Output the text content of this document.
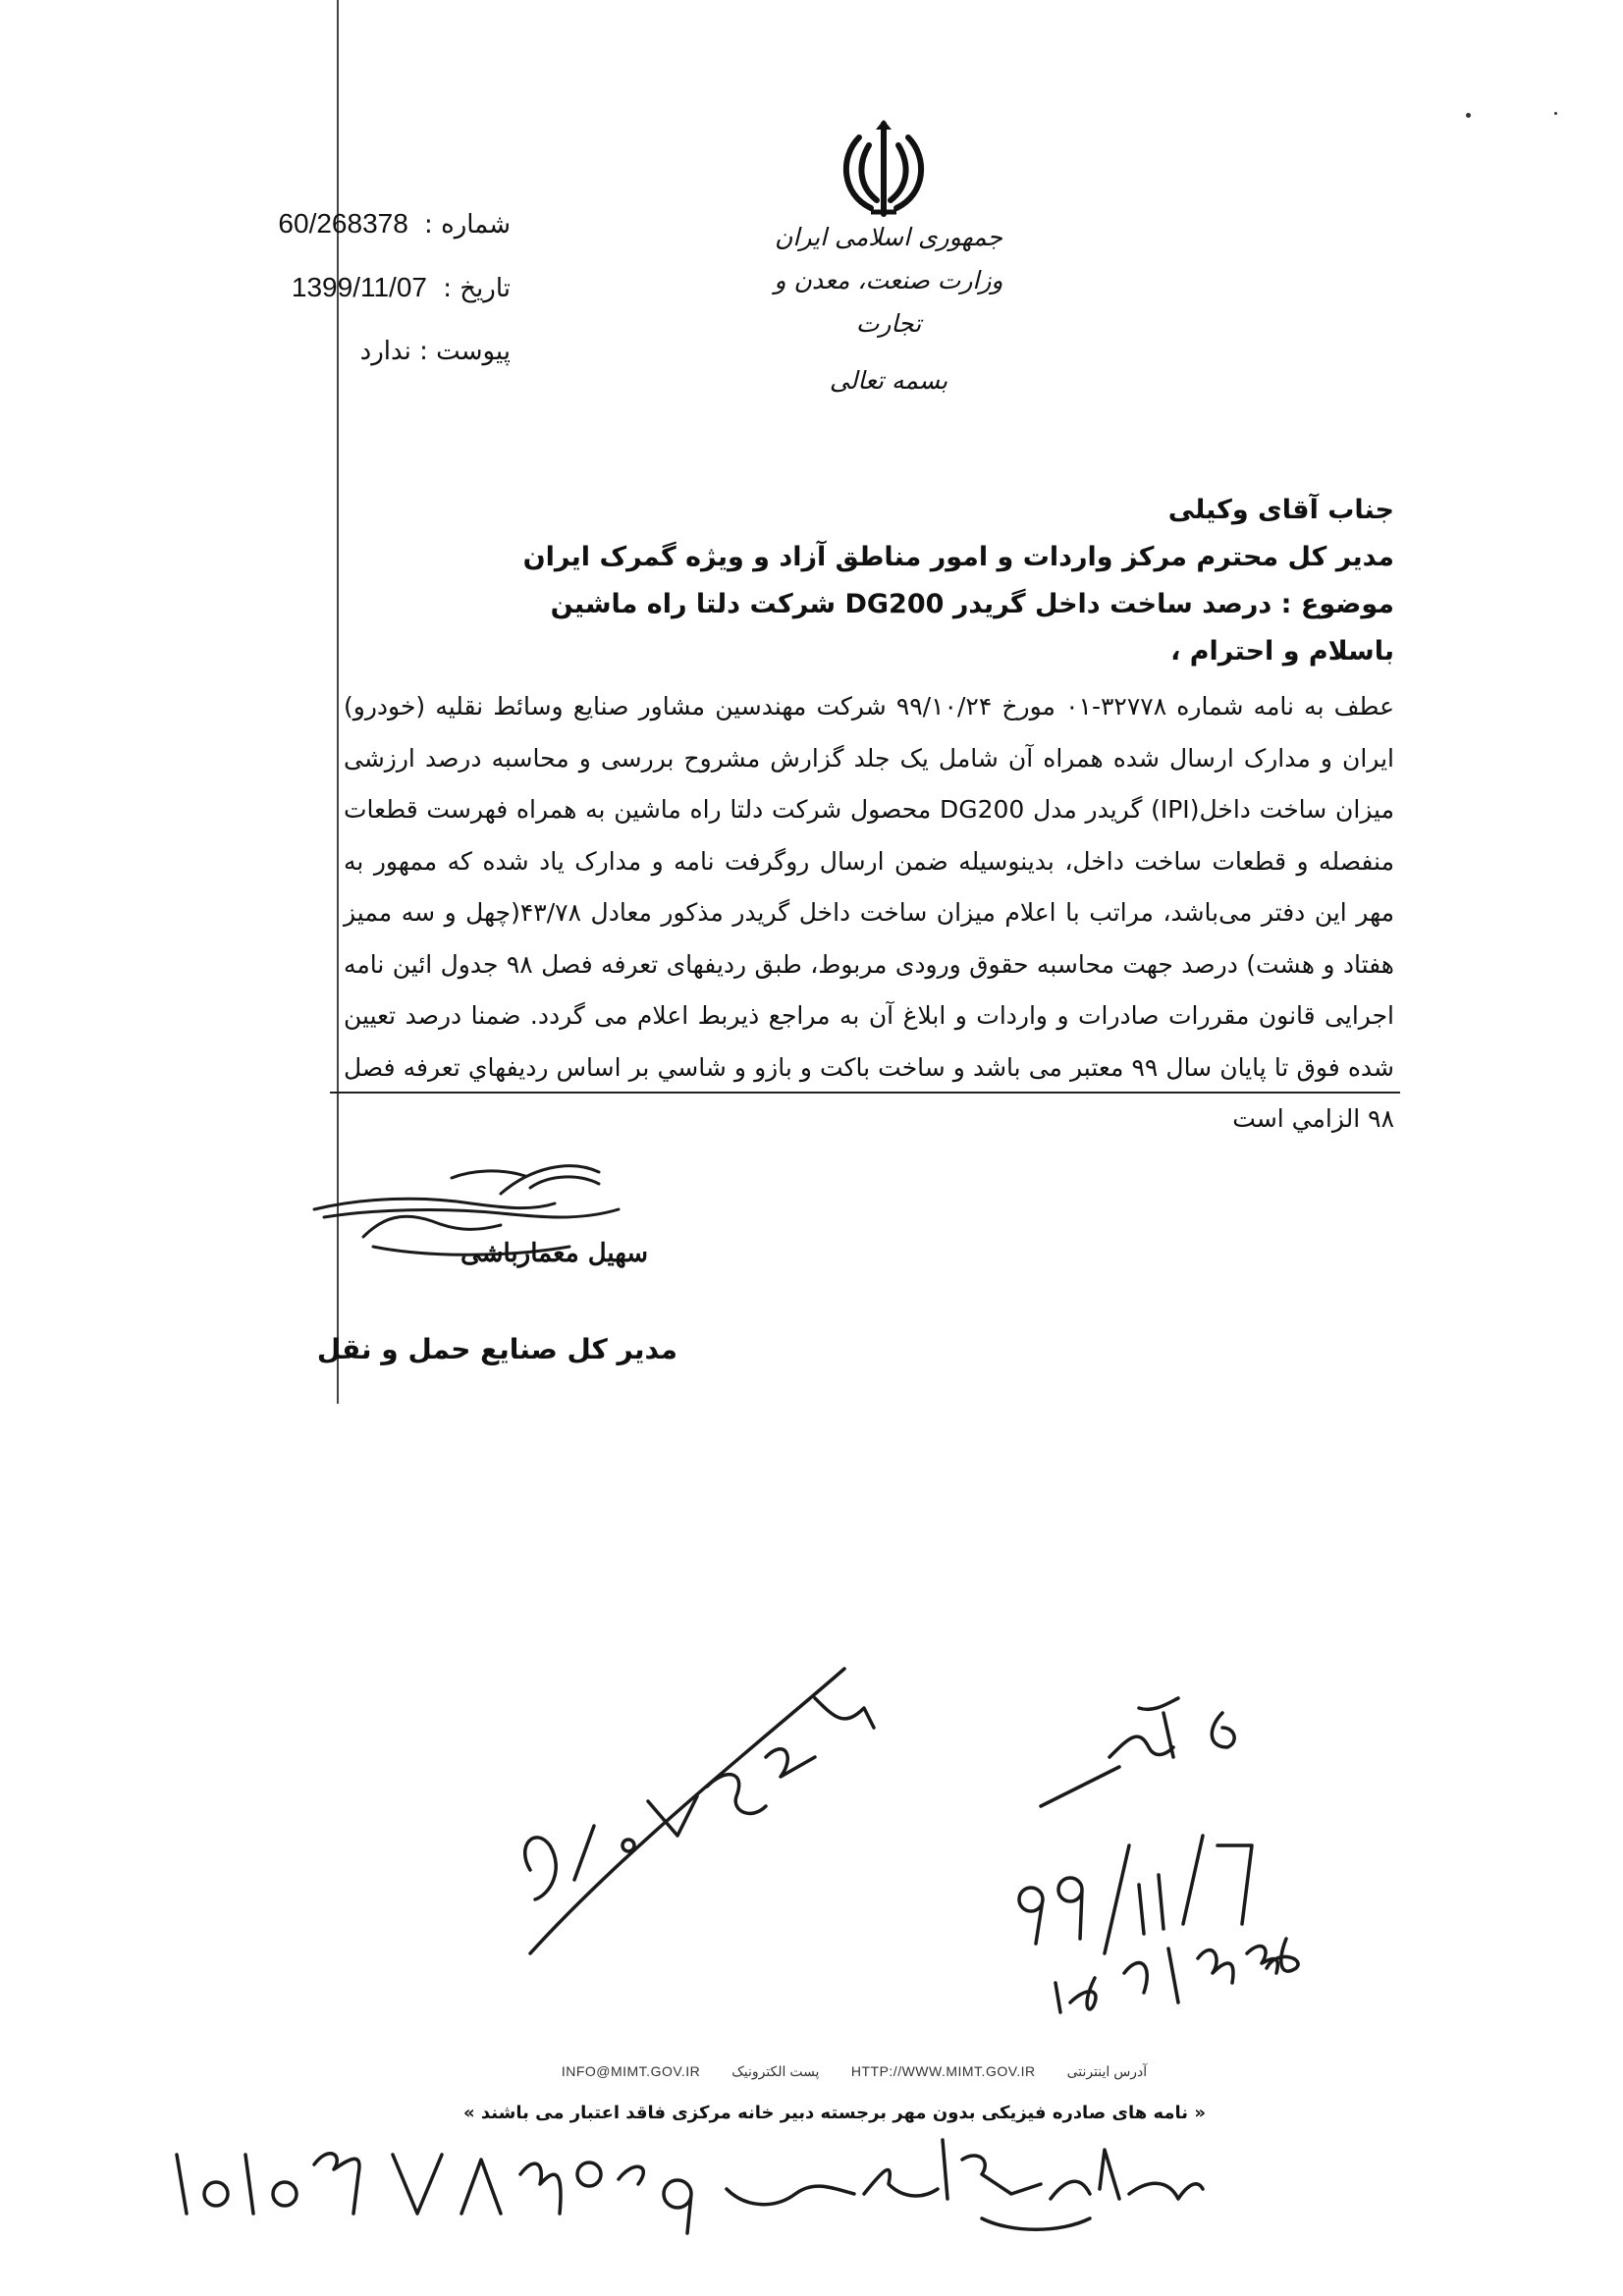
جمهوری اسلامی ایران
وزارت صنعت، معدن و تجارت
بسمه تعالی
شماره : 60/268378
تاریخ : 1399/11/07
پیوست : ندارد
جناب آقای وکیلی
مدیر کل محترم مرکز واردات و امور مناطق آزاد و ویژه گمرک ایران
موضوع : درصد ساخت داخل گریدر DG200 شرکت دلتا راه ماشین
باسلام و احترام ،

عطف به نامه شماره ۳۲۷۷۸-۰۱ مورخ ۹۹/۱۰/۲۴ شرکت مهندسین مشاور صنایع وسائط نقلیه (خودرو) ایران و مدارک ارسال شده همراه آن شامل یک جلد گزارش مشروح بررسی و محاسبه درصد ارزشی میزان ساخت داخل(IPI) گریدر مدل DG200 محصول شرکت دلتا راه ماشین به همراه فهرست قطعات منفصله و قطعات ساخت داخل، بدینوسیله ضمن ارسال روگرفت نامه و مدارک یاد شده که ممهور به مهر این دفتر می‌باشد، مراتب با اعلام میزان ساخت داخل گریدر مذکور معادل ۴۳/۷۸(چهل و سه ممیز هفتاد و هشت) درصد جهت محاسبه حقوق ورودی مربوط، طبق ردیفهای تعرفه فصل ۹۸ جدول ائین نامه اجرایی قانون مقررات صادرات و واردات و ابلاغ آن به مراجع ذیربط اعلام می گردد. ضمنا درصد تعیین شده فوق تا پایان سال ۹۹ معتبر می باشد و ساخت باکت و بازو و شاسي بر اساس رديفهاي تعرفه فصل ۹۸ الزامي است

سهیل معمارباشی
مدیر کل صنایع حمل و نقل
آدرس اینترنتی HTTP://WWW.MIMT.GOV.IR پست الکترونیک INFO@MIMT.GOV.IR
« نامه های صادره فیزیکی بدون مهر برجسته دبیر خانه مرکزی فاقد اعتبار می باشند »
